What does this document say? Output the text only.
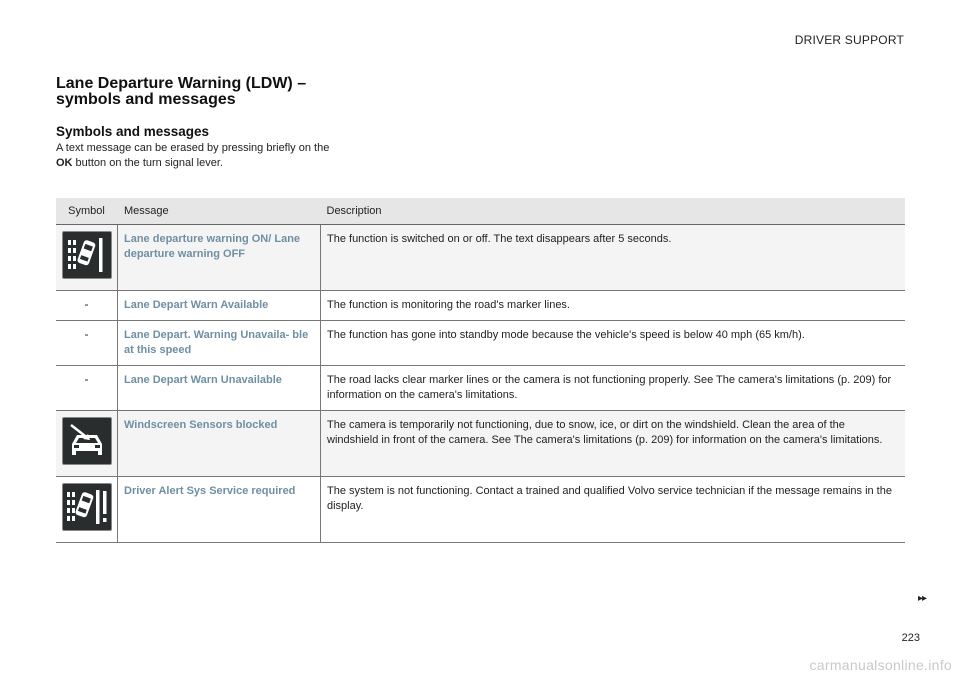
DRIVER SUPPORT
Lane Departure Warning (LDW) – symbols and messages
Symbols and messages

A text message can be erased by pressing briefly on the OK button on the turn signal lever.

Symbol	Message	Description

	Lane departure warning ON/ Lane departure warning OFF	The function is switched on or off. The text disappears after 5 seconds.
-	Lane Depart Warn Available	The function is monitoring the road's marker lines.
-	Lane Depart. Warning Unavaila- ble at this speed	The function has gone into standby mode because the vehicle's speed is below 40 mph (65 km/h).
-	Lane Depart Warn Unavailable	The road lacks clear marker lines or the camera is not functioning properly. See The camera's limitations (p. 209) for information on the camera's limitations.

	Windscreen Sensors blocked	The camera is temporarily not functioning, due to snow, ice, or dirt on the windshield. Clean the area of the windshield in front of the camera. See The camera's limitations (p. 209) for information on the camera's limitations.

	Driver Alert Sys Service required	The system is not functioning. Contact a trained and qualified Volvo service technician if the message remains in the display.
▸▸
223
carmanualsonline.info
